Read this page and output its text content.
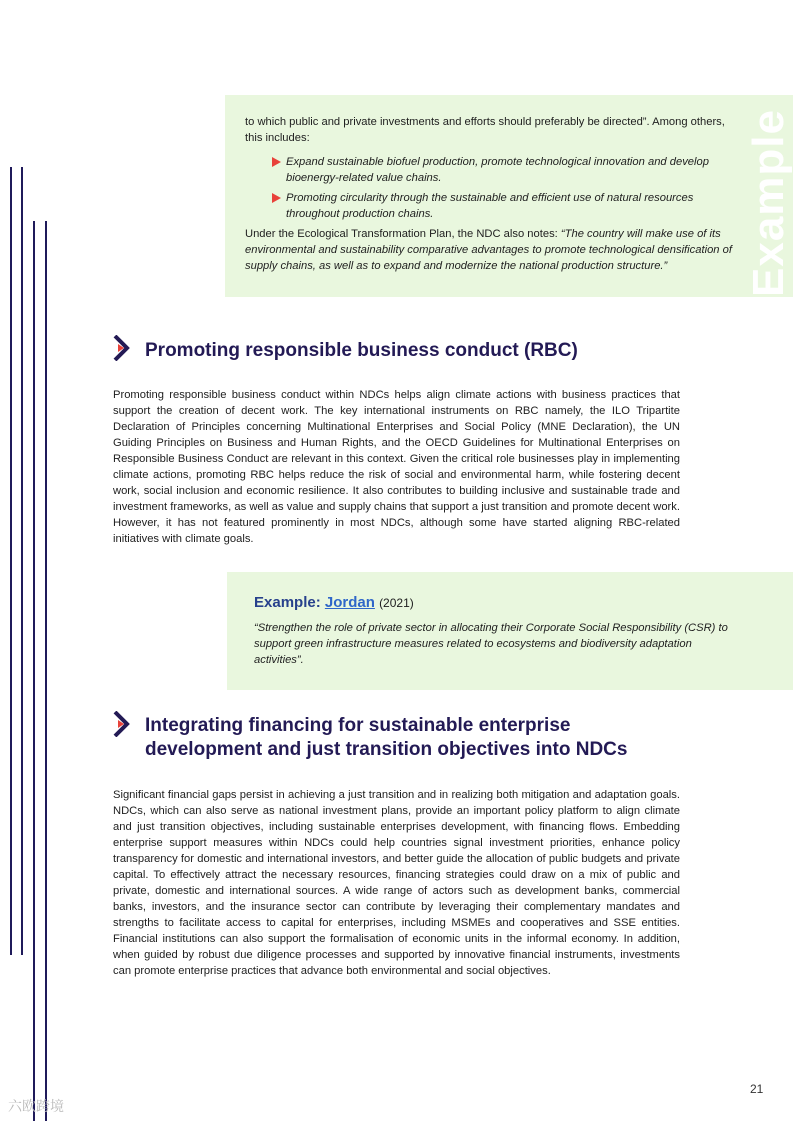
to which public and private investments and efforts should preferably be directed”. Among others, this includes:
Expand sustainable biofuel production, promote technological innovation and develop bioenergy-related value chains.
Promoting circularity through the sustainable and efficient use of natural resources throughout production chains.
Under the Ecological Transformation Plan, the NDC also notes: “The country will make use of its environmental and sustainability comparative advantages to promote technological densification of supply chains, as well as to expand and modernize the national production structure.”	Example
Promoting responsible business conduct (RBC)

Promoting responsible business conduct within NDCs helps align climate actions with business practices that support the creation of decent work. The key international instruments on RBC namely, the ILO Tripartite Declaration of Principles concerning Multinational Enterprises and Social Policy (MNE Declaration), the UN Guiding Principles on Business and Human Rights, and the OECD Guidelines for Multinational Enterprises on Responsible Business Conduct are relevant in this context. Given the critical role businesses play in implementing climate actions, promoting RBC helps reduce the risk of social and environmental harm, while fostering decent work, social inclusion and economic resilience. It also contributes to building inclusive and sustainable trade and investment frameworks, as well as value and supply chains that support a just transition and promote decent work. However, it has not featured prominently in most NDCs, although some have started aligning RBC-related initiatives with climate goals.

Example: Jordan (2021)
“Strengthen the role of private sector in allocating their Corporate Social Responsibility (CSR) to support green infrastructure measures related to ecosystems and biodiversity adaptation activities”.
Integrating financing for sustainable enterprise
development and just transition objectives into NDCs

Significant financial gaps persist in achieving a just transition and in realizing both mitigation and adaptation goals. NDCs, which can also serve as national investment plans, provide an important policy platform to align climate and just transition objectives, including sustainable enterprises development, with financing flows. Embedding enterprise support measures within NDCs could help countries signal investment priorities, enhance policy transparency for domestic and international investors, and better guide the allocation of public budgets and private capital. To effectively attract the necessary resources, financing strategies could draw on a mix of public and private, domestic and international sources. A wide range of actors such as development banks, commercial banks, investors, and the insurance sector can contribute by leveraging their complementary mandates and strengths to facilitate access to capital for enterprises, including MSMEs and cooperatives and SSE entities. Financial institutions can also support the formalisation of economic units in the informal economy. In addition, when guided by robust due diligence processes and supported by innovative financial instruments, investments can promote enterprise practices that advance both environmental and social objectives.

21
六欧跨境
